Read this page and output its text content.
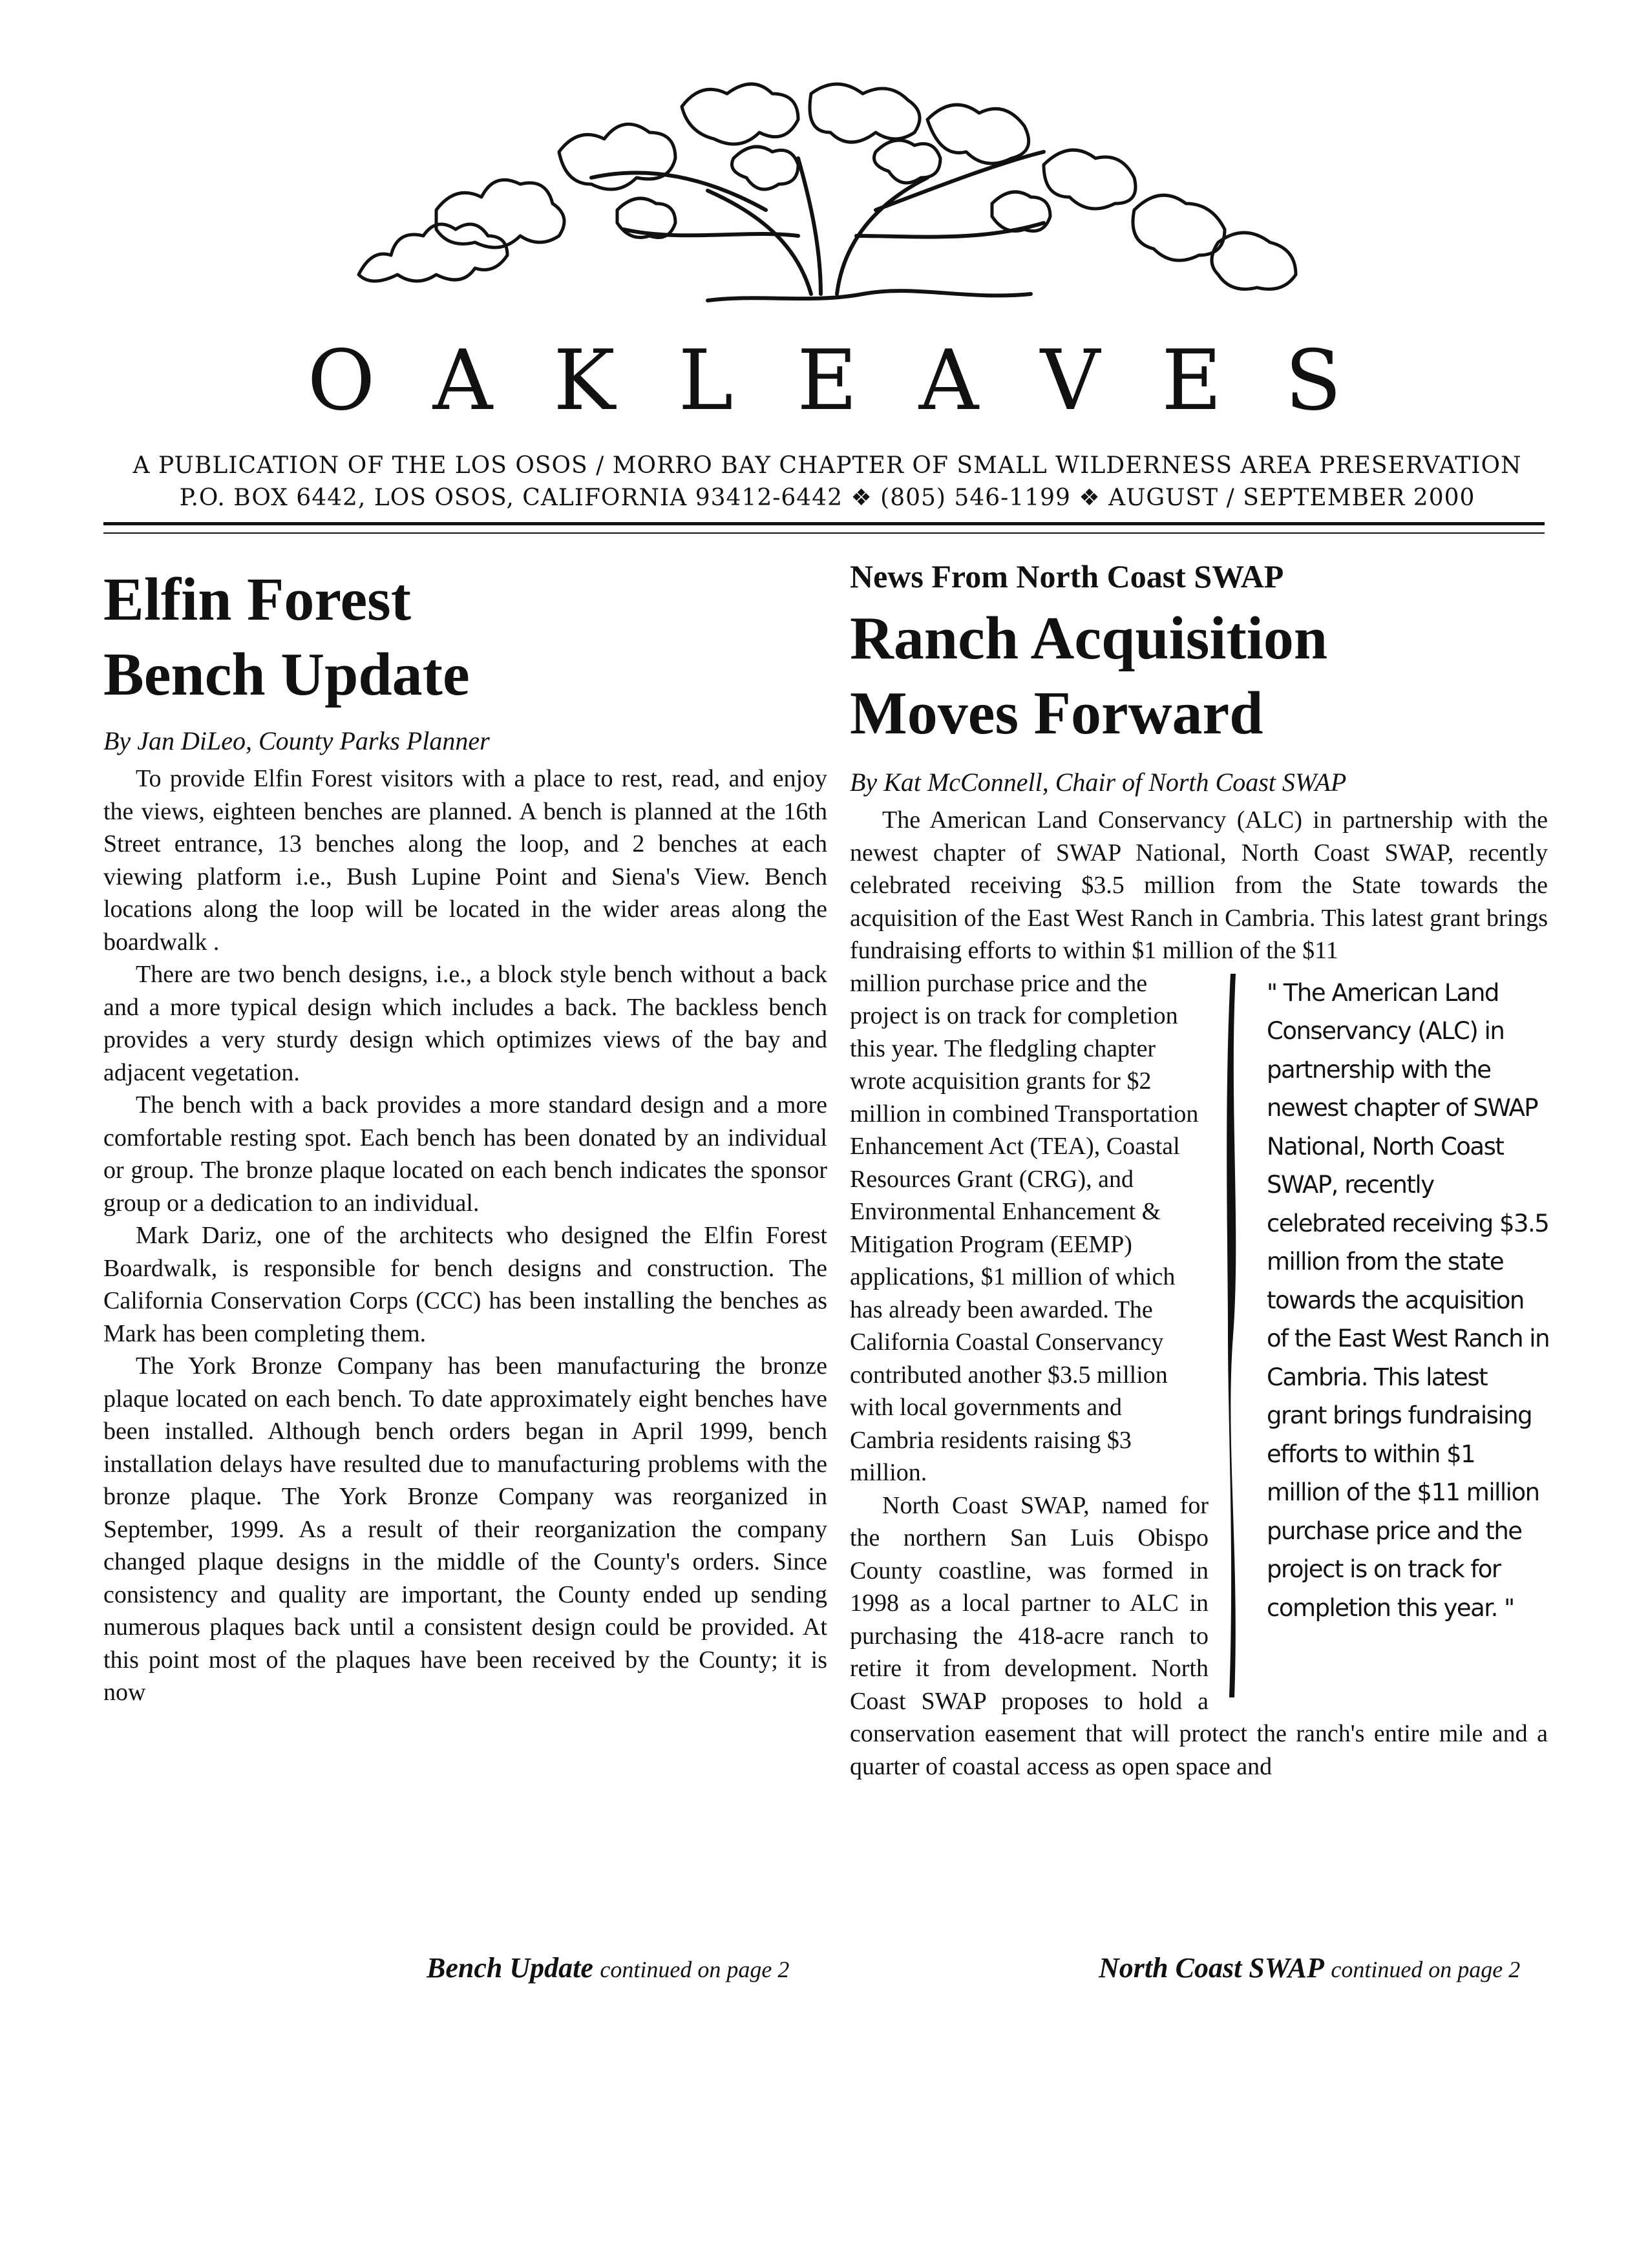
O A K L E A V E S
A PUBLICATION OF THE LOS OSOS / MORRO BAY CHAPTER OF SMALL WILDERNESS AREA PRESERVATION
P.O. BOX 6442, LOS OSOS, CALIFORNIA 93412-6442 ❖ (805) 546-1199 ❖ AUGUST / SEPTEMBER 2000
Elfin Forest
Bench Update

By Jan DiLeo, County Parks Planner

To provide Elfin Forest visitors with a place to rest, read, and enjoy the views, eighteen benches are planned. A bench is planned at the 16th Street entrance, 13 benches along the loop, and 2 benches at each viewing platform i.e., Bush Lupine Point and Siena's View. Bench locations along the loop will be located in the wider areas along the boardwalk .

There are two bench designs, i.e., a block style bench without a back and a more typical design which includes a back. The backless bench provides a very sturdy design which optimizes views of the bay and adjacent vegetation.

The bench with a back provides a more standard design and a more comfortable resting spot. Each bench has been donated by an individual or group. The bronze plaque located on each bench indicates the sponsor group or a dedication to an individual.

Mark Dariz, one of the architects who designed the Elfin Forest Boardwalk, is responsible for bench designs and construction. The California Conservation Corps (CCC) has been installing the benches as Mark has been completing them.

The York Bronze Company has been manufacturing the bronze plaque located on each bench. To date approximately eight benches have been installed. Although bench orders began in April 1999, bench installation delays have resulted due to manufacturing problems with the bronze plaque. The York Bronze Company was reorganized in September, 1999. As a result of their reorganization the company changed plaque designs in the middle of the County's orders. Since consistency and quality are important, the County ended up sending numerous plaques back until a consistent design could be provided. At this point most of the plaques have been received by the County; it is now

Bench Update continued on page 2

News From North Coast SWAP

Ranch Acquisition
Moves Forward

By Kat McConnell, Chair of North Coast SWAP

The American Land Conservancy (ALC) in partnership with the newest chapter of SWAP National, North Coast SWAP, recently celebrated receiving $3.5 million from the State towards the acquisition of the East West Ranch in Cambria. This latest grant brings fundraising efforts to within $1 million of the $11

" The American Land Conservancy (ALC) in partnership with the newest chapter of SWAP National, North Coast SWAP, recently celebrated receiving $3.5 million from the state towards the acquisition of the East West Ranch in Cambria. This latest grant brings fundraising efforts to within $1 million of the $11 million purchase price and the project is on track for completion this year. "

million purchase price and the project is on track for completion this year. The fledgling chapter wrote acquisition grants for $2 million in combined Transportation Enhancement Act (TEA), Coastal Resources Grant (CRG), and Environmental Enhancement & Mitigation Program (EEMP) applications, $1 million of which has already been awarded. The California Coastal Conservancy contributed another $3.5 million with local governments and Cambria residents raising $3 million.

North Coast SWAP, named for the northern San Luis Obispo County coastline, was formed in 1998 as a local partner to ALC in purchasing the 418-acre ranch to retire it from development. North Coast SWAP proposes to hold a conservation easement that will protect the ranch's entire mile and a quarter of coastal access as open space and

North Coast SWAP continued on page 2
